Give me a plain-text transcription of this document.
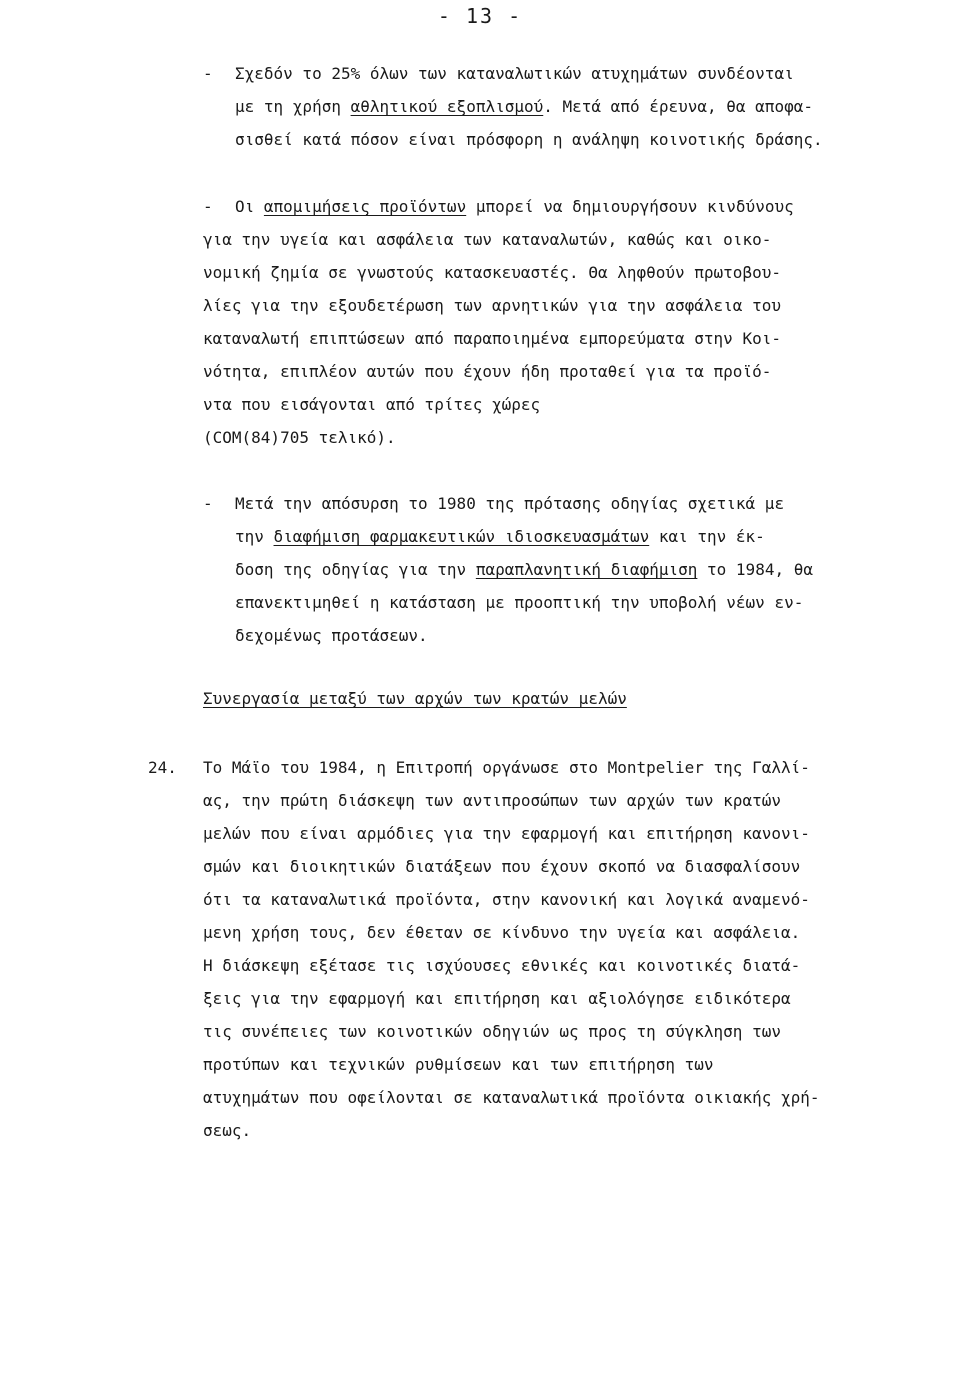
- 13 -
- Σχεδόν το 25% όλων των καταναλωτικών ατυχημάτων συνδέονται
με τη χρήση αθλητικού εξοπλισμού. Μετά από έρευνα, θα αποφα-
σισθεί κατά πόσον είναι πρόσφορη η ανάληψη κοινοτικής δράσης.
- Οι απομιμήσεις προϊόντων μπορεί να δημιουργήσουν κινδύνους
για την υγεία και ασφάλεια των καταναλωτών, καθώς και οικο-
νομική ζημία σε γνωστούς κατασκευαστές. Θα ληφθούν πρωτοβου-
λίες για την εξουδετέρωση των αρνητικών για την ασφάλεια του
καταναλωτή επιπτώσεων από παραποιημένα εμπορεύματα στην Κοι-
νότητα, επιπλέον αυτών που έχουν ήδη προταθεί για τα προϊό-
ντα που εισάγονται από τρίτες χώρες
(COM(84)705 τελικό).
- Μετά την απόσυρση το 1980 της πρότασης οδηγίας σχετικά με
την διαφήμιση φαρμακευτικών ιδιοσκευασμάτων και την έκ-
δοση της οδηγίας για την παραπλανητική διαφήμιση το 1984, θα
επανεκτιμηθεί η κατάσταση με προοπτική την υποβολή νέων εν-
δεχομένως προτάσεων.
Συνεργασία μεταξύ των αρχών των κρατών μελών
24. Το Μάϊο του 1984, η Επιτροπή οργάνωσε στο Montpelier της Γαλλί-
ας, την πρώτη διάσκεψη των αντιπροσώπων των αρχών των κρατών
μελών που είναι αρμόδιες για την εφαρμογή και επιτήρηση κανονι-
σμών και διοικητικών διατάξεων που έχουν σκοπό να διασφαλίσουν
ότι τα καταναλωτικά προϊόντα, στην κανονική και λογικά αναμενό-
μενη χρήση τους, δεν έθεταν σε κίνδυνο την υγεία και ασφάλεια.
Η διάσκεψη εξέτασε τις ισχύουσες εθνικές και κοινοτικές διατά-
ξεις για την εφαρμογή και επιτήρηση και αξιολόγησε ειδικότερα
τις συνέπειες των κοινοτικών οδηγιών ως προς τη σύγκληση των
προτύπων και τεχνικών ρυθμίσεων και των επιτήρηση των
ατυχημάτων που οφείλονται σε καταναλωτικά προϊόντα οικιακής χρή-
σεως.
